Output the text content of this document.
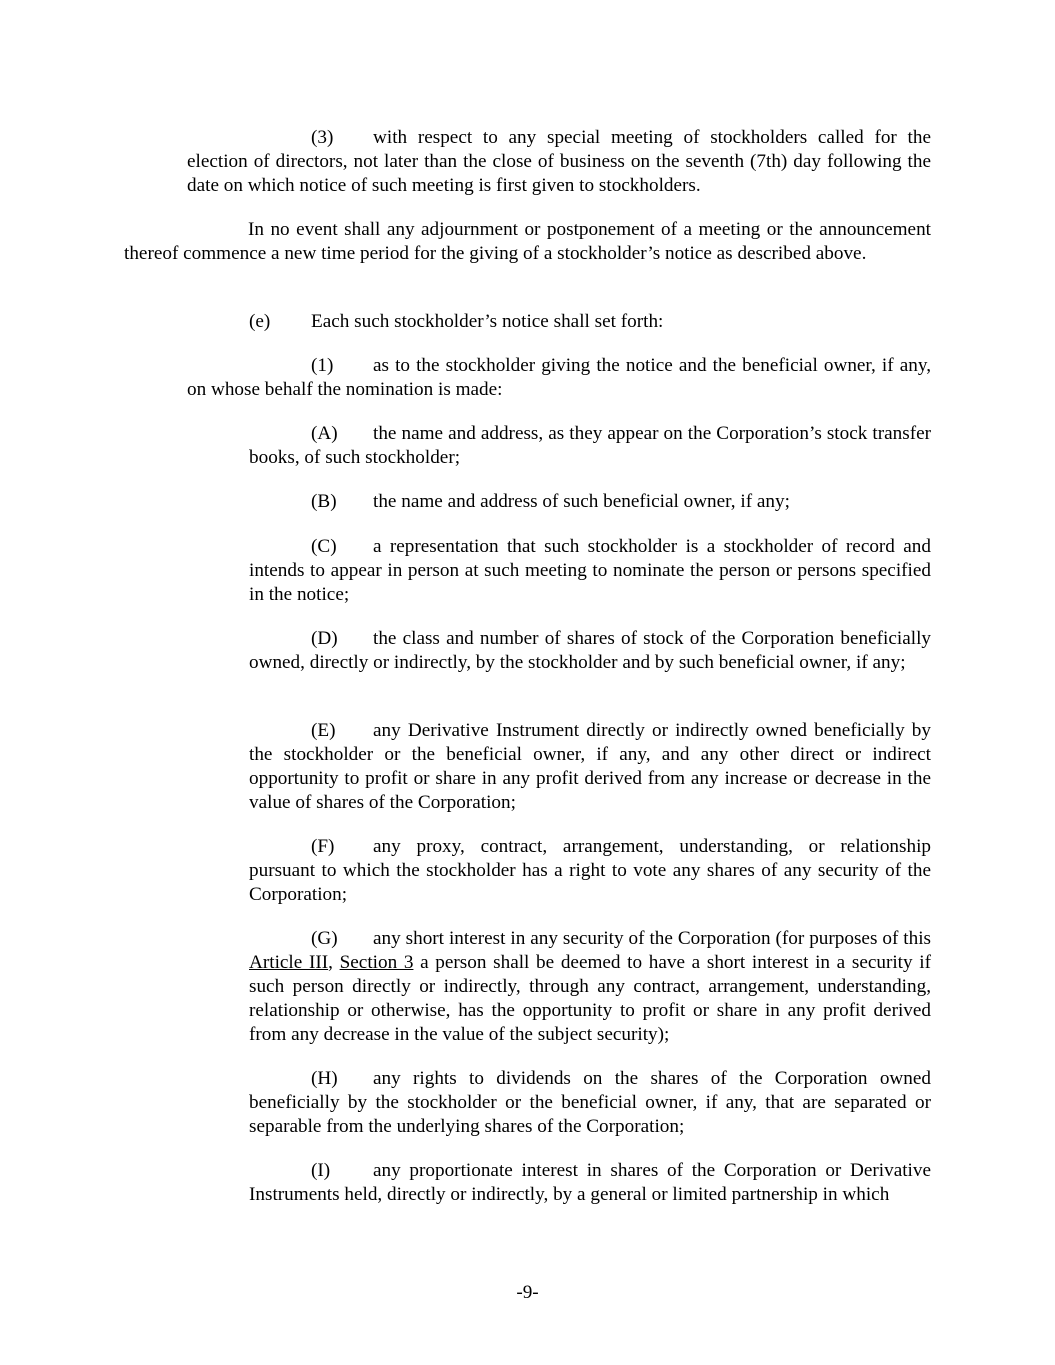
(3) with respect to any special meeting of stockholders called for the election of directors, not later than the close of business on the seventh (7th) day following the date on which notice of such meeting is first given to stockholders.

In no event shall any adjournment or postponement of a meeting or the announcement thereof commence a new time period for the giving of a stockholder’s notice as described above.

(e) Each such stockholder’s notice shall set forth:

(1) as to the stockholder giving the notice and the beneficial owner, if any, on whose behalf the nomination is made:

(A) the name and address, as they appear on the Corporation’s stock transfer books, of such stockholder;

(B) the name and address of such beneficial owner, if any;

(C) a representation that such stockholder is a stockholder of record and intends to appear in person at such meeting to nominate the person or persons specified in the notice;

(D) the class and number of shares of stock of the Corporation beneficially owned, directly or indirectly, by the stockholder and by such beneficial owner, if any;

(E) any Derivative Instrument directly or indirectly owned beneficially by the stockholder or the beneficial owner, if any, and any other direct or indirect opportunity to profit or share in any profit derived from any increase or decrease in the value of shares of the Corporation;

(F) any proxy, contract, arrangement, understanding, or relationship pursuant to which the stockholder has a right to vote any shares of any security of the Corporation;

(G) any short interest in any security of the Corporation (for purposes of this Article III, Section 3 a person shall be deemed to have a short interest in a security if such person directly or indirectly, through any contract, arrangement, understanding, relationship or otherwise, has the opportunity to profit or share in any profit derived from any decrease in the value of the subject security);

(H) any rights to dividends on the shares of the Corporation owned beneficially by the stockholder or the beneficial owner, if any, that are separated or separable from the underlying shares of the Corporation;

(I) any proportionate interest in shares of the Corporation or Derivative Instruments held, directly or indirectly, by a general or limited partnership in which

-9-
